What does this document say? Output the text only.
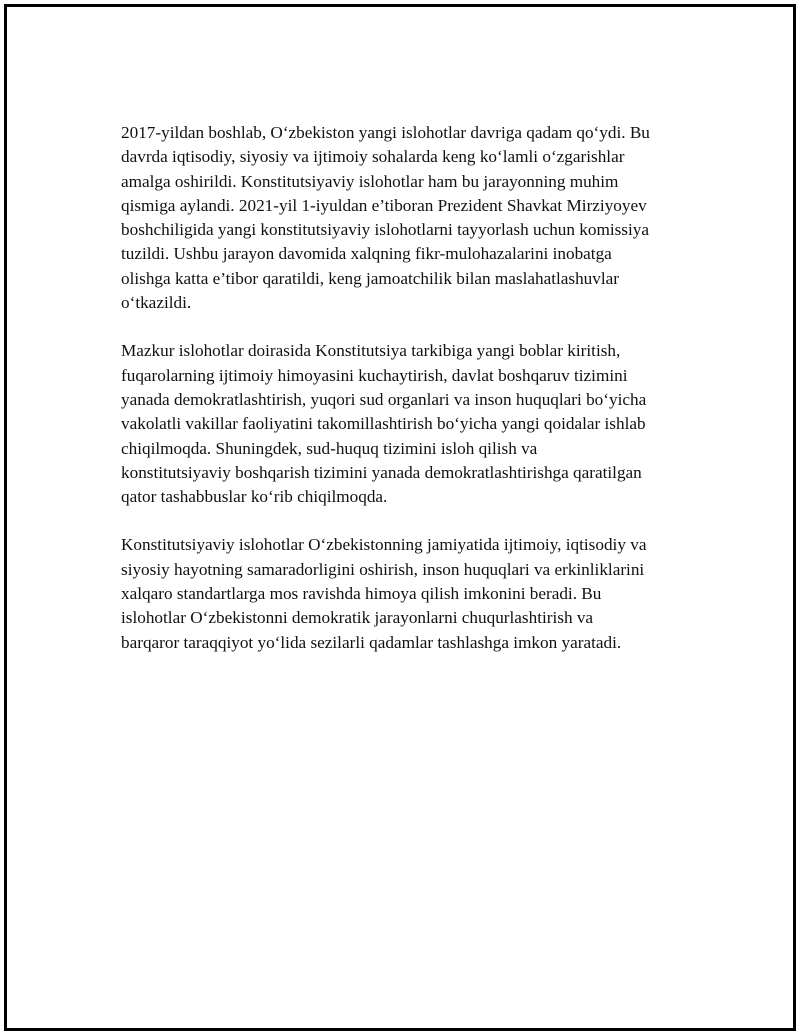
2017-yildan boshlab, O‘zbekiston yangi islohotlar davriga qadam qo‘ydi. Bu
davrda iqtisodiy, siyosiy va ijtimoiy sohalarda keng ko‘lamli o‘zgarishlar
amalga oshirildi. Konstitutsiyaviy islohotlar ham bu jarayonning muhim
qismiga aylandi. 2021-yil 1-iyuldan e’tiboran Prezident Shavkat Mirziyoyev
boshchiligida yangi konstitutsiyaviy islohotlarni tayyorlash uchun komissiya
tuzildi. Ushbu jarayon davomida xalqning fikr-mulohazalarini inobatga
olishga katta e’tibor qaratildi, keng jamoatchilik bilan maslahatlashuvlar
o‘tkazildi.

Mazkur islohotlar doirasida Konstitutsiya tarkibiga yangi boblar kiritish,
fuqarolarning ijtimoiy himoyasini kuchaytirish, davlat boshqaruv tizimini
yanada demokratlashtirish, yuqori sud organlari va inson huquqlari bo‘yicha
vakolatli vakillar faoliyatini takomillashtirish bo‘yicha yangi qoidalar ishlab
chiqilmoqda. Shuningdek, sud-huquq tizimini isloh qilish va
konstitutsiyaviy boshqarish tizimini yanada demokratlashtirishga qaratilgan
qator tashabbuslar ko‘rib chiqilmoqda.

Konstitutsiyaviy islohotlar O‘zbekistonning jamiyatida ijtimoiy, iqtisodiy va
siyosiy hayotning samaradorligini oshirish, inson huquqlari va erkinliklarini
xalqaro standartlarga mos ravishda himoya qilish imkonini beradi. Bu
islohotlar O‘zbekistonni demokratik jarayonlarni chuqurlashtirish va
barqaror taraqqiyot yo‘lida sezilarli qadamlar tashlashga imkon yaratadi.
